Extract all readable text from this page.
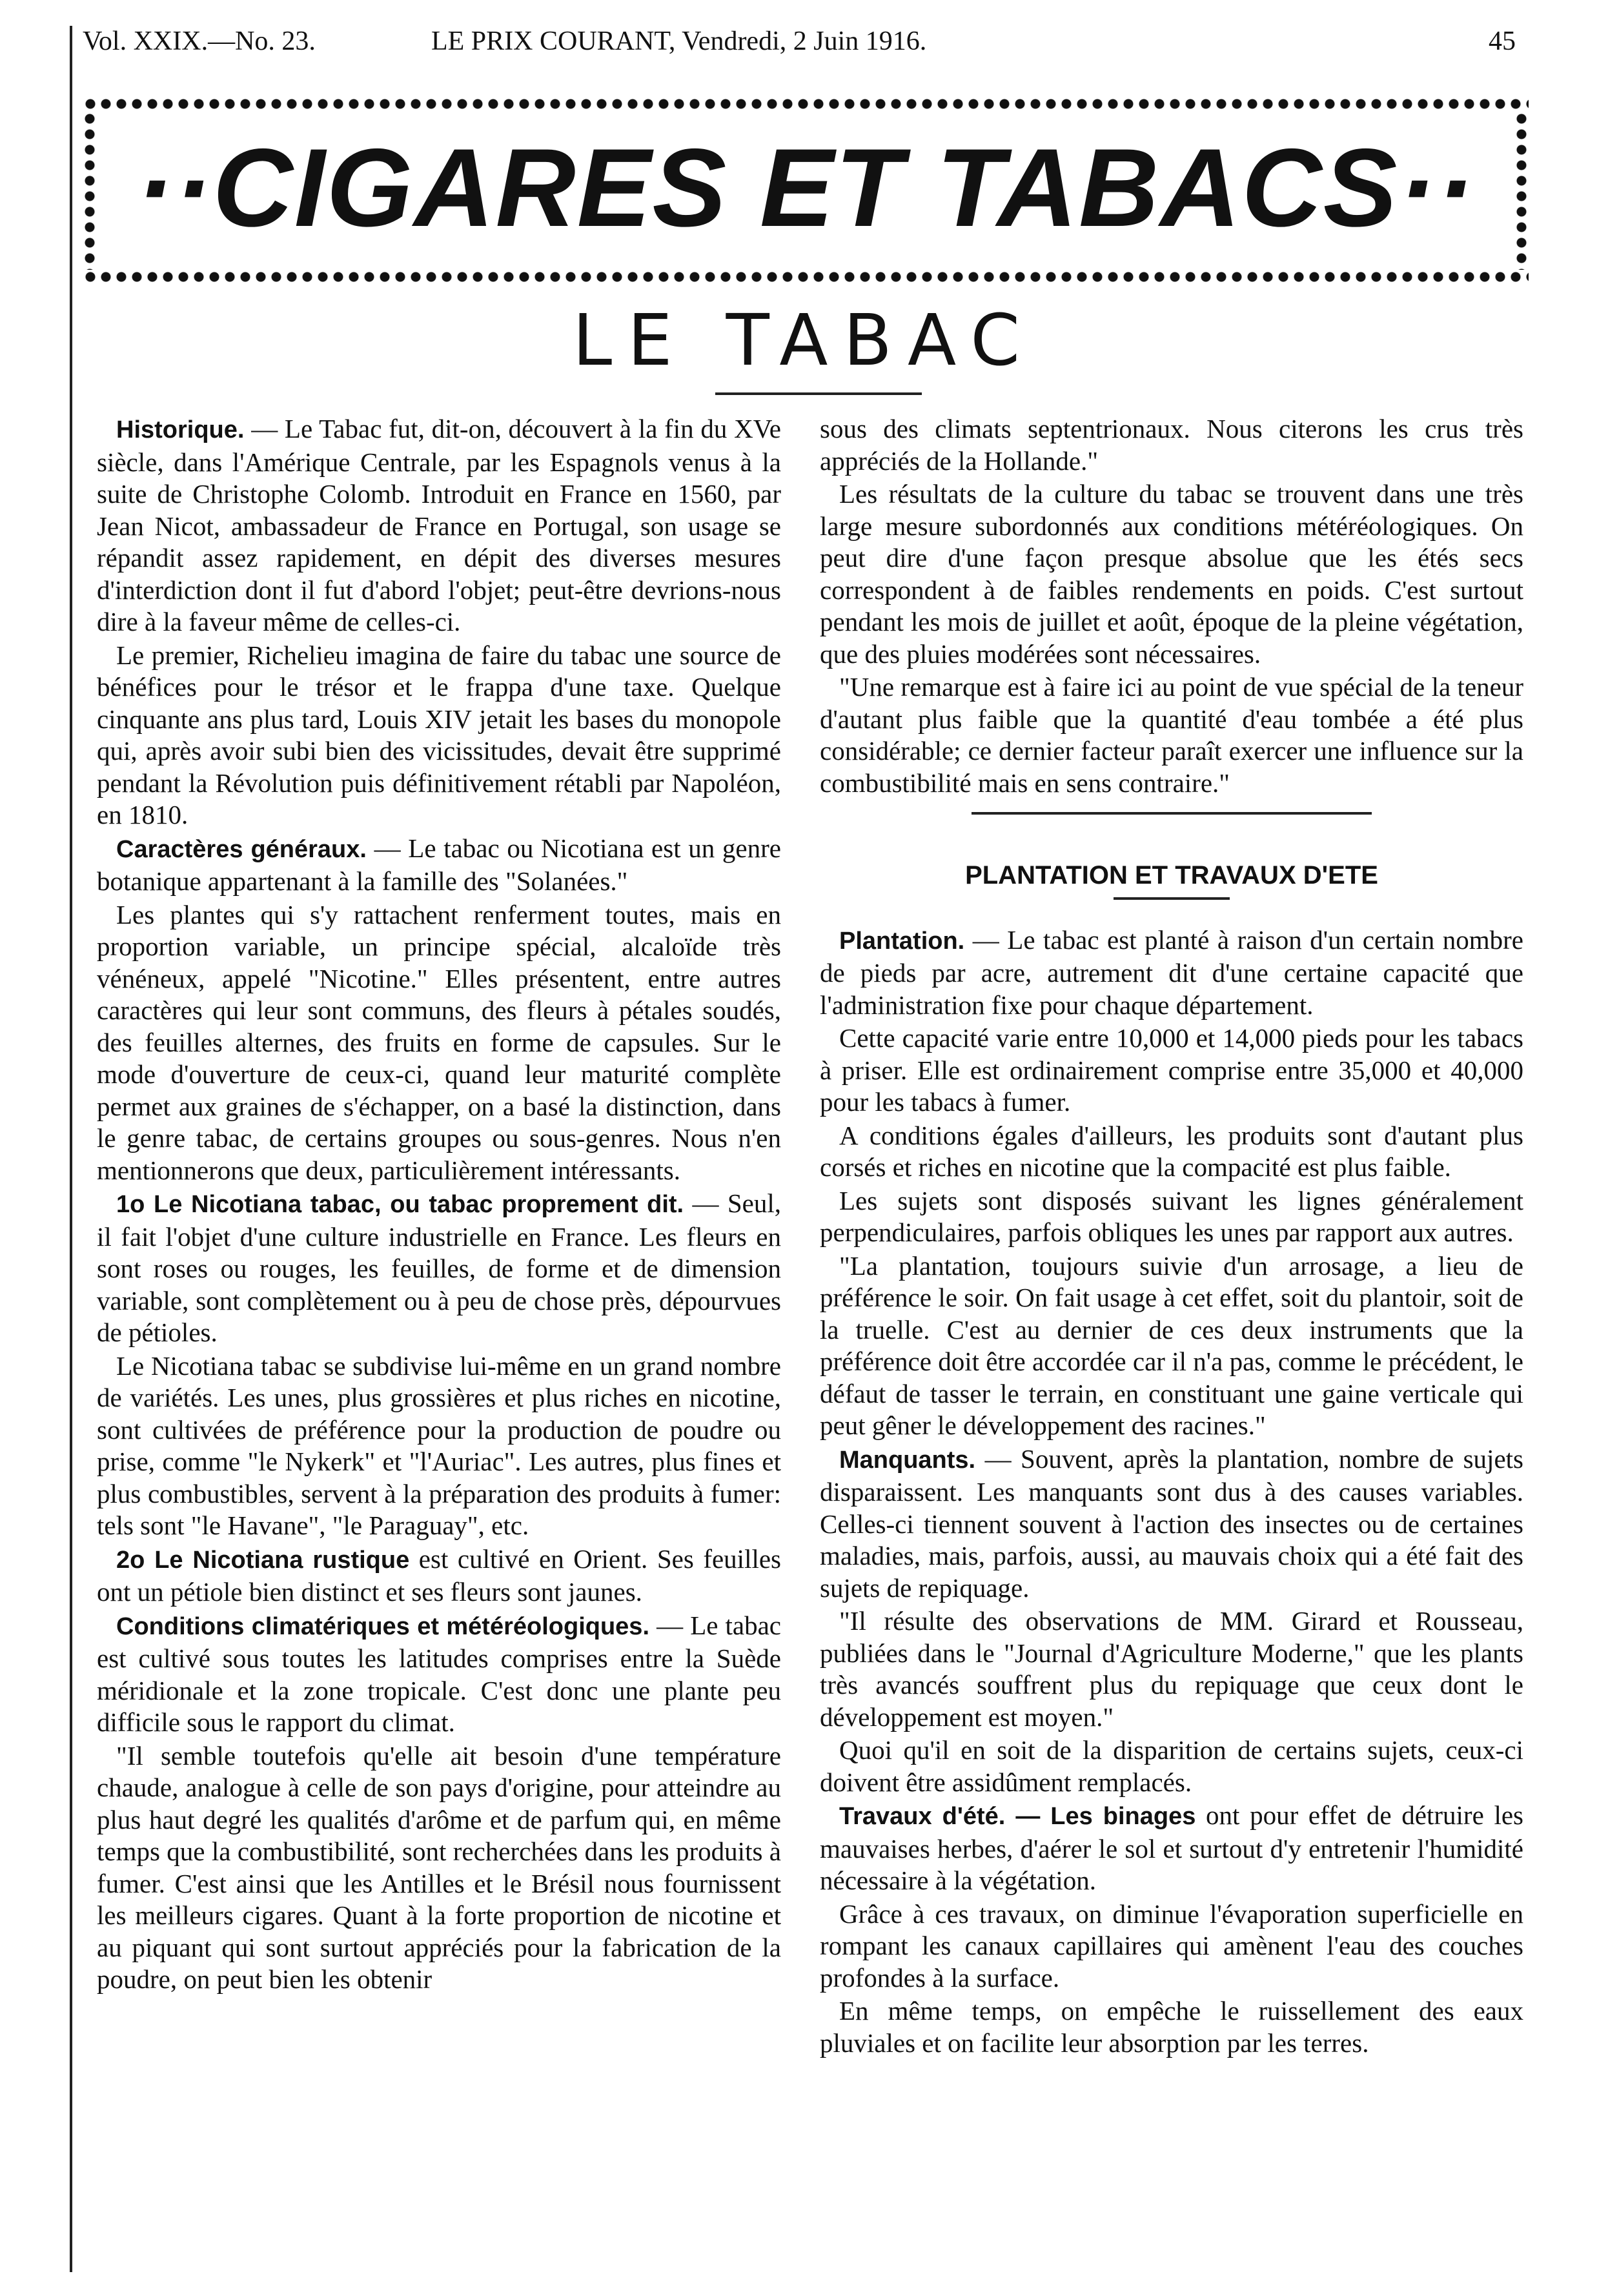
Vol. XXIX.—No. 23.	LE PRIX COURANT, Vendredi, 2 Juin 1916.	45
··CIGARES ET TABACS··
LE TABAC

Historique. — Le Tabac fut, dit-on, découvert à la fin du XVe siècle, dans l'Amérique Centrale, par les Espagnols venus à la suite de Christophe Colomb. Introduit en France en 1560, par Jean Nicot, ambassadeur de France en Portugal, son usage se répandit assez rapidement, en dépit des diverses mesures d'interdiction dont il fut d'abord l'objet; peut-être devrions-nous dire à la faveur même de celles-ci.

Le premier, Richelieu imagina de faire du tabac une source de bénéfices pour le trésor et le frappa d'une taxe. Quelque cinquante ans plus tard, Louis XIV jetait les bases du monopole qui, après avoir subi bien des vicissitudes, devait être supprimé pendant la Révolution puis définitivement rétabli par Napoléon, en 1810.

Caractères généraux. — Le tabac ou Nicotiana est un genre botanique appartenant à la famille des "Solanées."

Les plantes qui s'y rattachent renferment toutes, mais en proportion variable, un principe spécial, alcaloïde très vénéneux, appelé "Nicotine." Elles présentent, entre autres caractères qui leur sont communs, des fleurs à pétales soudés, des feuilles alternes, des fruits en forme de capsules. Sur le mode d'ouverture de ceux-ci, quand leur maturité complète permet aux graines de s'échapper, on a basé la distinction, dans le genre tabac, de certains groupes ou sous-genres. Nous n'en mentionnerons que deux, particulièrement intéressants.

1o Le Nicotiana tabac, ou tabac proprement dit. — Seul, il fait l'objet d'une culture industrielle en France. Les fleurs en sont roses ou rouges, les feuilles, de forme et de dimension variable, sont complètement ou à peu de chose près, dépourvues de pétioles.

Le Nicotiana tabac se subdivise lui-même en un grand nombre de variétés. Les unes, plus grossières et plus riches en nicotine, sont cultivées de préférence pour la production de poudre ou prise, comme "le Nykerk" et "l'Auriac". Les autres, plus fines et plus combustibles, servent à la préparation des produits à fumer: tels sont "le Havane", "le Paraguay", etc.

2o Le Nicotiana rustique est cultivé en Orient. Ses feuilles ont un pétiole bien distinct et ses fleurs sont jaunes.

Conditions climatériques et météréologiques. — Le tabac est cultivé sous toutes les latitudes comprises entre la Suède méridionale et la zone tropicale. C'est donc une plante peu difficile sous le rapport du climat.

"Il semble toutefois qu'elle ait besoin d'une température chaude, analogue à celle de son pays d'origine, pour atteindre au plus haut degré les qualités d'arôme et de parfum qui, en même temps que la combustibilité, sont recherchées dans les produits à fumer. C'est ainsi que les Antilles et le Brésil nous fournissent les meilleurs cigares. Quant à la forte proportion de nicotine et au piquant qui sont surtout appréciés pour la fabrication de la poudre, on peut bien les obtenir

sous des climats septentrionaux. Nous citerons les crus très appréciés de la Hollande."

Les résultats de la culture du tabac se trouvent dans une très large mesure subordonnés aux conditions météréologiques. On peut dire d'une façon presque absolue que les étés secs correspondent à de faibles rendements en poids. C'est surtout pendant les mois de juillet et août, époque de la pleine végétation, que des pluies modérées sont nécessaires.

"Une remarque est à faire ici au point de vue spécial de la teneur d'autant plus faible que la quantité d'eau tombée a été plus considérable; ce dernier facteur paraît exercer une influence sur la combustibilité mais en sens contraire."

PLANTATION ET TRAVAUX D'ETE

Plantation. — Le tabac est planté à raison d'un certain nombre de pieds par acre, autrement dit d'une certaine capacité que l'administration fixe pour chaque département.

Cette capacité varie entre 10,000 et 14,000 pieds pour les tabacs à priser. Elle est ordinairement comprise entre 35,000 et 40,000 pour les tabacs à fumer.

A conditions égales d'ailleurs, les produits sont d'autant plus corsés et riches en nicotine que la compacité est plus faible.

Les sujets sont disposés suivant les lignes généralement perpendiculaires, parfois obliques les unes par rapport aux autres.

"La plantation, toujours suivie d'un arrosage, a lieu de préférence le soir. On fait usage à cet effet, soit du plantoir, soit de la truelle. C'est au dernier de ces deux instruments que la préférence doit être accordée car il n'a pas, comme le précédent, le défaut de tasser le terrain, en constituant une gaine verticale qui peut gêner le développement des racines."

Manquants. — Souvent, après la plantation, nombre de sujets disparaissent. Les manquants sont dus à des causes variables. Celles-ci tiennent souvent à l'action des insectes ou de certaines maladies, mais, parfois, aussi, au mauvais choix qui a été fait des sujets de repiquage.

"Il résulte des observations de MM. Girard et Rousseau, publiées dans le "Journal d'Agriculture Moderne," que les plants très avancés souffrent plus du repiquage que ceux dont le développement est moyen."

Quoi qu'il en soit de la disparition de certains sujets, ceux-ci doivent être assidûment remplacés.

Travaux d'été. — Les binages ont pour effet de détruire les mauvaises herbes, d'aérer le sol et surtout d'y entretenir l'humidité nécessaire à la végétation.

Grâce à ces travaux, on diminue l'évaporation superficielle en rompant les canaux capillaires qui amènent l'eau des couches profondes à la surface.

En même temps, on empêche le ruissellement des eaux pluviales et on facilite leur absorption par les terres.
